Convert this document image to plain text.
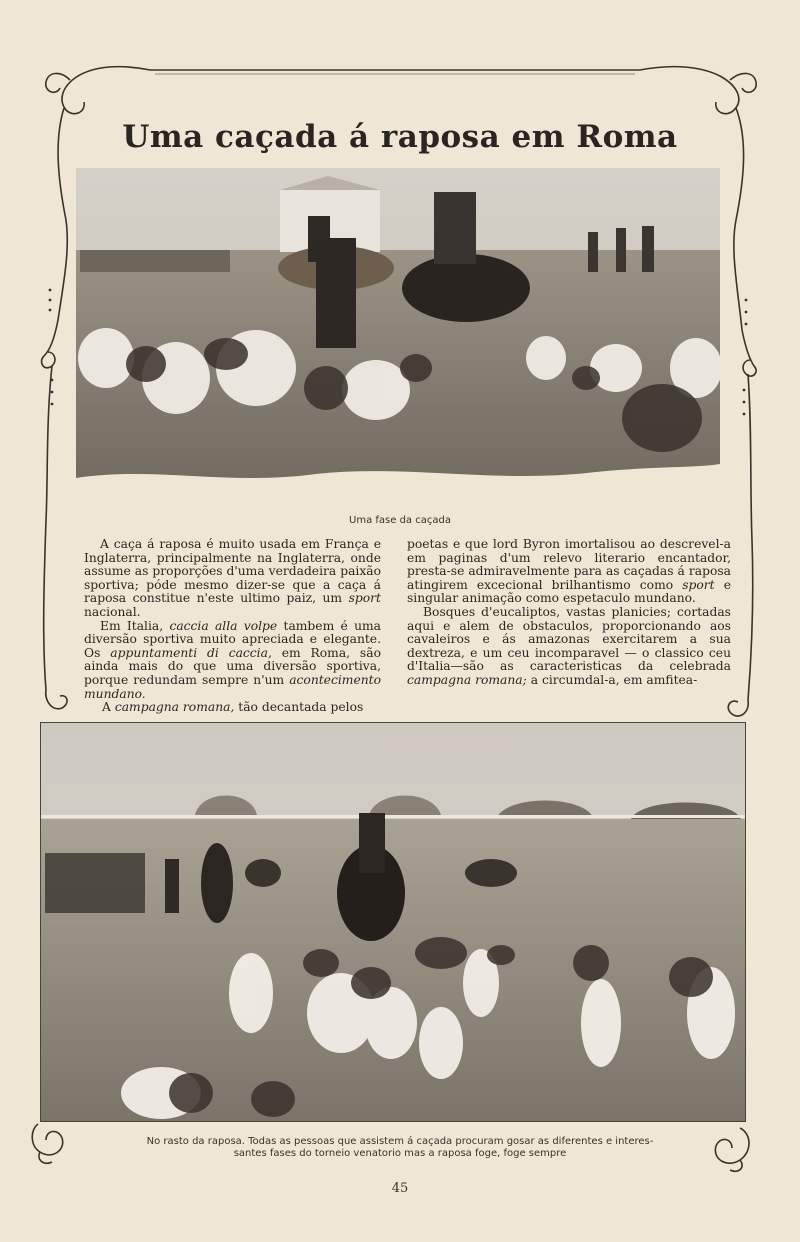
Uma caçada á raposa em Roma
Uma fase da caçada

A caça á raposa é muito usada em França e Inglaterra, principalmente na Inglaterra, onde assume as proporções d'uma verdadeira paixão sportiva; póde mesmo dizer-se que a caça á raposa constitue n'este ultimo paiz, um sport nacional.

Em Italia, caccia alla volpe tambem é uma diversão sportiva muito apreciada e elegante. Os appuntamenti di caccia, em Roma, são ainda mais do que uma diversão sportiva, porque redundam sempre n'um acontecimento mundano.

A campagna romana, tão decantada pelos

poetas e que lord Byron imortalisou ao descrevel-a em paginas d'um relevo literario encantador, presta-se admiravelmente para as caçadas á raposa atingirem excecional brilhantismo como sport e singular animação como espetaculo mundano.

Bosques d'eucaliptos, vastas planicies; cortadas aqui e alem de obstaculos, proporcionando aos cavaleiros e ás amazonas exercitarem a sua dextreza, e um ceu incomparavel — o classico ceu d'Italia—são as caracteristicas da celebrada campagna romana; a circumdal-a, em amfitea-

No rasto da raposa. Todas as pessoas que assistem á caçada procuram gosar as diferentes e interes-
santes fases do torneio venatorio mas a raposa foge, foge sempre
45
